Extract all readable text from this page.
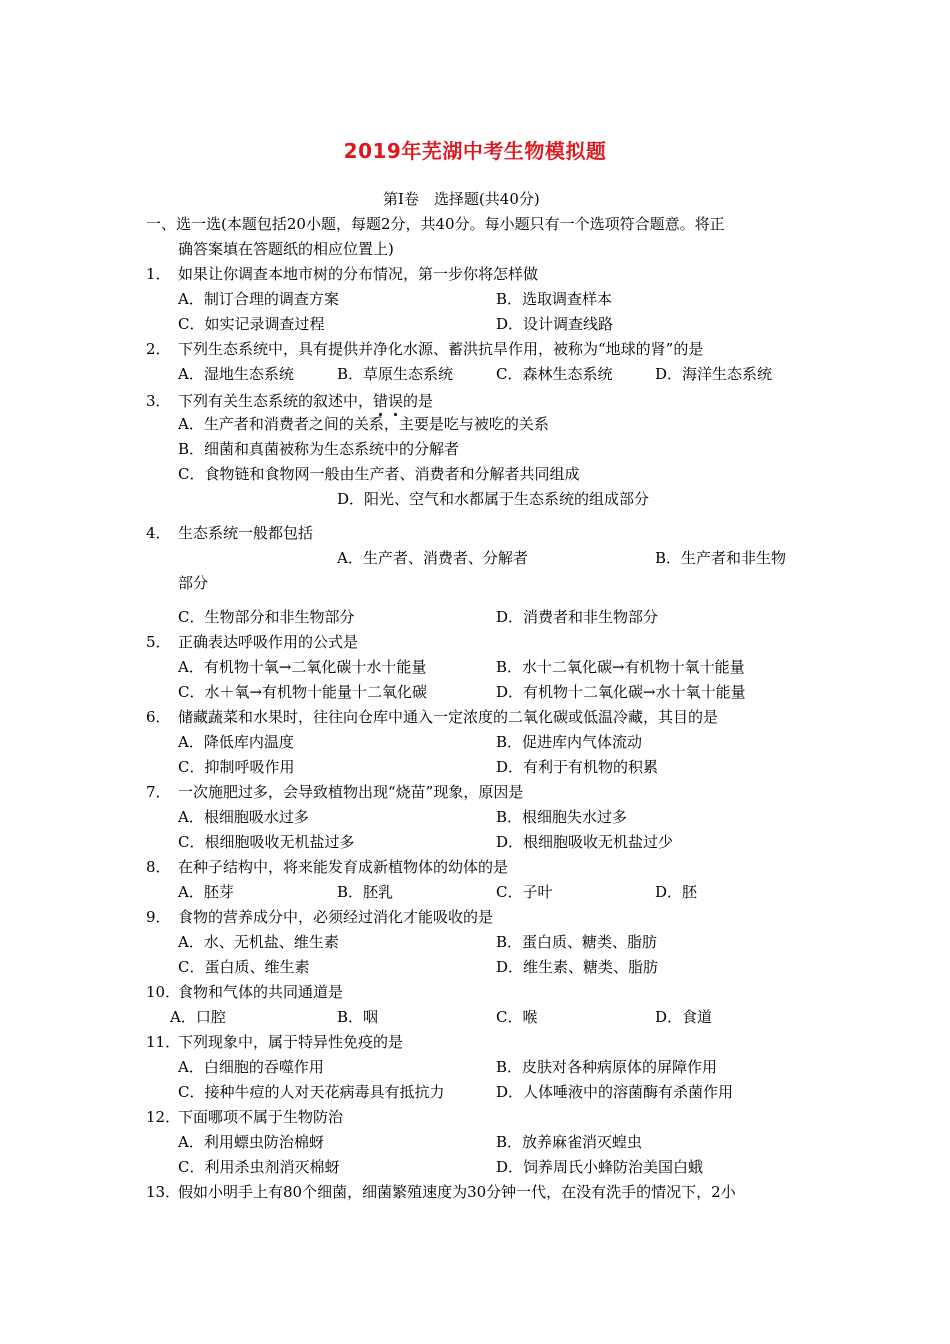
2019年芜湖中考生物模拟题
第Ⅰ卷　选择题(共40分)
一、选一选(本题包括20小题，每题2分，共40分。每小题只有一个选项符合题意。将正
确答案填在答题纸的相应位置上)
1． 如果让你调查本地市树的分布情况，第一步你将怎样做
A．制订合理的调查方案	B．选取调查样本
C．如实记录调查过程	D．设计调查线路
2． 下列生态系统中，具有提供并净化水源、蓄洪抗旱作用，被称为“地球的肾”的是
A．湿地生态系统	B．草原生态系统	C．森林生态系统	D．海洋生态系统
3． 下列有关生态系统的叙述中，错误
的是
A．生产者和消费者之间的关系，主要是吃与被吃的关系
B．细菌和真菌被称为生态系统中的分解者
C．食物链和食物网一般由生产者、消费者和分解者共同组成
D．阳光、空气和水都属于生态系统的组成部分
4． 生态系统一般都包括
A．生产者、消费者、分解者	B．生产者和非生物
部分
C．生物部分和非生物部分	D．消费者和非生物部分
5． 正确表达呼吸作用的公式是
A．有机物十氧→二氧化碳十水十能量	B．水十二氧化碳→有机物十氧十能量
C．水＋氧→有机物十能量十二氧化碳	D．有机物十二氧化碳→水十氧十能量
6． 储藏蔬菜和水果时，往往向仓库中通入一定浓度的二氧化碳或低温冷藏，其目的是
A．降低库内温度	B．促进库内气体流动
C．抑制呼吸作用	D．有利于有机物的积累
7． 一次施肥过多，会导致植物出现“烧苗”现象，原因是
A．根细胞吸水过多	B．根细胞失水过多
C．根细胞吸收无机盐过多	D．根细胞吸收无机盐过少
8． 在种子结构中，将来能发育成新植物体的幼体的是
A．胚芽	B．胚乳	C．子叶	D．胚
9． 食物的营养成分中，必须经过消化才能吸收的是
A．水、无机盐、维生素	B．蛋白质、糖类、脂肪
C．蛋白质、维生素	D．维生素、糖类、脂肪
10．
食物和气体的共同通道是
A．口腔	B．咽	C．喉	D．食道
11．
下列现象中，属于特异性免疫的是
A．白细胞的吞噬作用	B．皮肤对各种病原体的屏障作用
C．接种牛痘的人对天花病毒具有抵抗力	D．人体唾液中的溶菌酶有杀菌作用
12．
下面哪项不属于生物防治
A．利用螵虫防治棉蚜	B．放养麻雀消灭蝗虫
C．利用杀虫剂消灭棉蚜	D．饲养周氏小蜂防治美国白蛾
13．
假如小明手上有80个细菌，细菌繁殖速度为30分钟一代，在没有洗手的情况下，2小
